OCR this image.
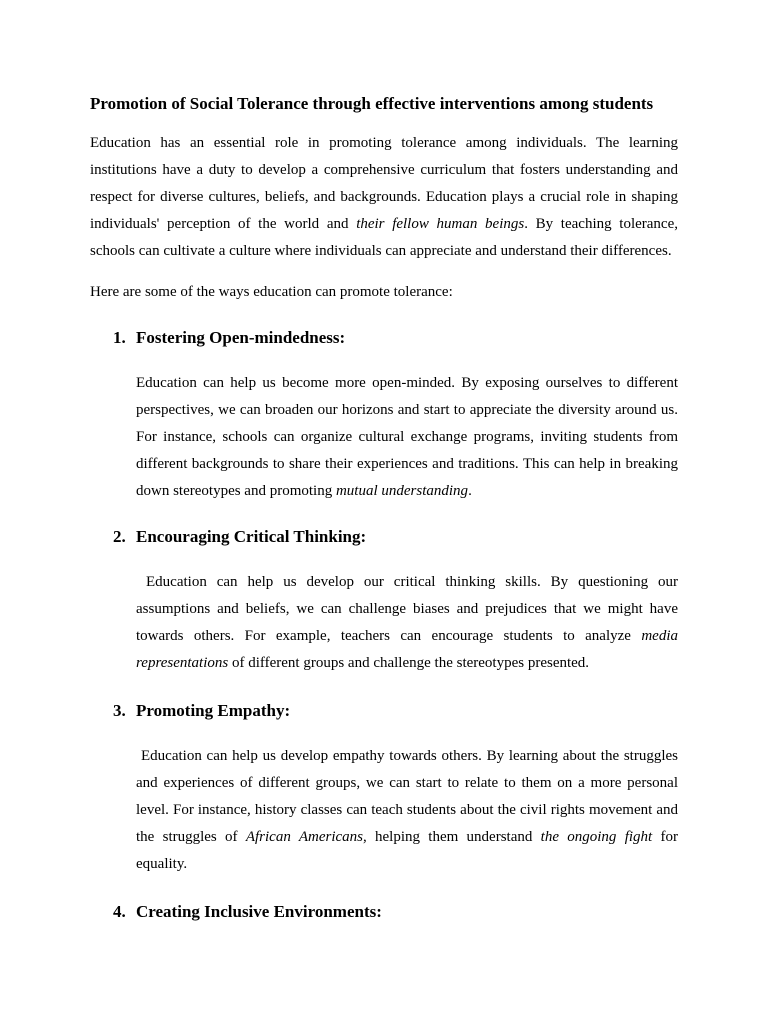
Promotion of Social Tolerance through effective interventions among students

Education has an essential role in promoting tolerance among individuals. The learning institutions have a duty to develop a comprehensive curriculum that fosters understanding and respect for diverse cultures, beliefs, and backgrounds. Education plays a crucial role in shaping individuals' perception of the world and their fellow human beings. By teaching tolerance, schools can cultivate a culture where individuals can appreciate and understand their differences.

Here are some of the ways education can promote tolerance:

1. Fostering Open-mindedness:

Education can help us become more open-minded. By exposing ourselves to different perspectives, we can broaden our horizons and start to appreciate the diversity around us. For instance, schools can organize cultural exchange programs, inviting students from different backgrounds to share their experiences and traditions. This can help in breaking down stereotypes and promoting mutual understanding.

2. Encouraging Critical Thinking:

Education can help us develop our critical thinking skills. By questioning our assumptions and beliefs, we can challenge biases and prejudices that we might have towards others. For example, teachers can encourage students to analyze media representations of different groups and challenge the stereotypes presented.

3. Promoting Empathy:

Education can help us develop empathy towards others. By learning about the struggles and experiences of different groups, we can start to relate to them on a more personal level. For instance, history classes can teach students about the civil rights movement and the struggles of African Americans, helping them understand the ongoing fight for equality.

4. Creating Inclusive Environments:
